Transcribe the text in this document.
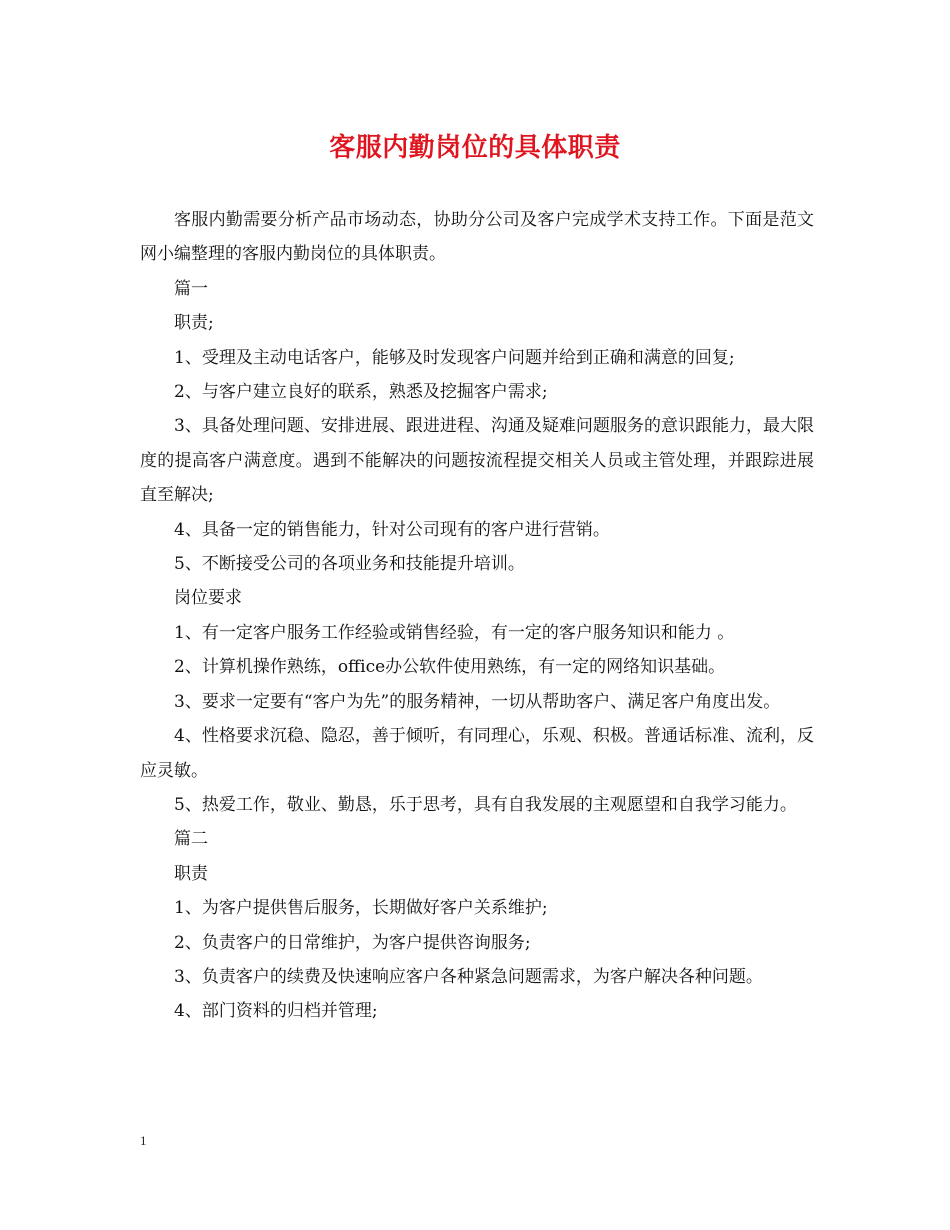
客服内勤岗位的具体职责

客服内勤需要分析产品市场动态，协助分公司及客户完成学术支持工作。下面是范文网小编整理的客服内勤岗位的具体职责。

篇一

职责;

1、受理及主动电话客户，能够及时发现客户问题并给到正确和满意的回复;

2、与客户建立良好的联系，熟悉及挖掘客户需求;

3、具备处理问题、安排进展、跟进进程、沟通及疑难问题服务的意识跟能力，最大限度的提高客户满意度。遇到不能解决的问题按流程提交相关人员或主管处理，并跟踪进展直至解决;

4、具备一定的销售能力，针对公司现有的客户进行营销。

5、不断接受公司的各项业务和技能提升培训。

岗位要求

1、有一定客户服务工作经验或销售经验，有一定的客户服务知识和能力 。

2、计算机操作熟练，office办公软件使用熟练，有一定的网络知识基础。

3、要求一定要有“客户为先”的服务精神，一切从帮助客户、满足客户角度出发。

4、性格要求沉稳、隐忍，善于倾听，有同理心，乐观、积极。普通话标准、流利，反应灵敏。

5、热爱工作，敬业、勤恳，乐于思考，具有自我发展的主观愿望和自我学习能力。

篇二

职责

1、为客户提供售后服务，长期做好客户关系维护;

2、负责客户的日常维护，为客户提供咨询服务;

3、负责客户的续费及快速响应客户各种紧急问题需求，为客户解决各种问题。

4、部门资料的归档并管理;

1
